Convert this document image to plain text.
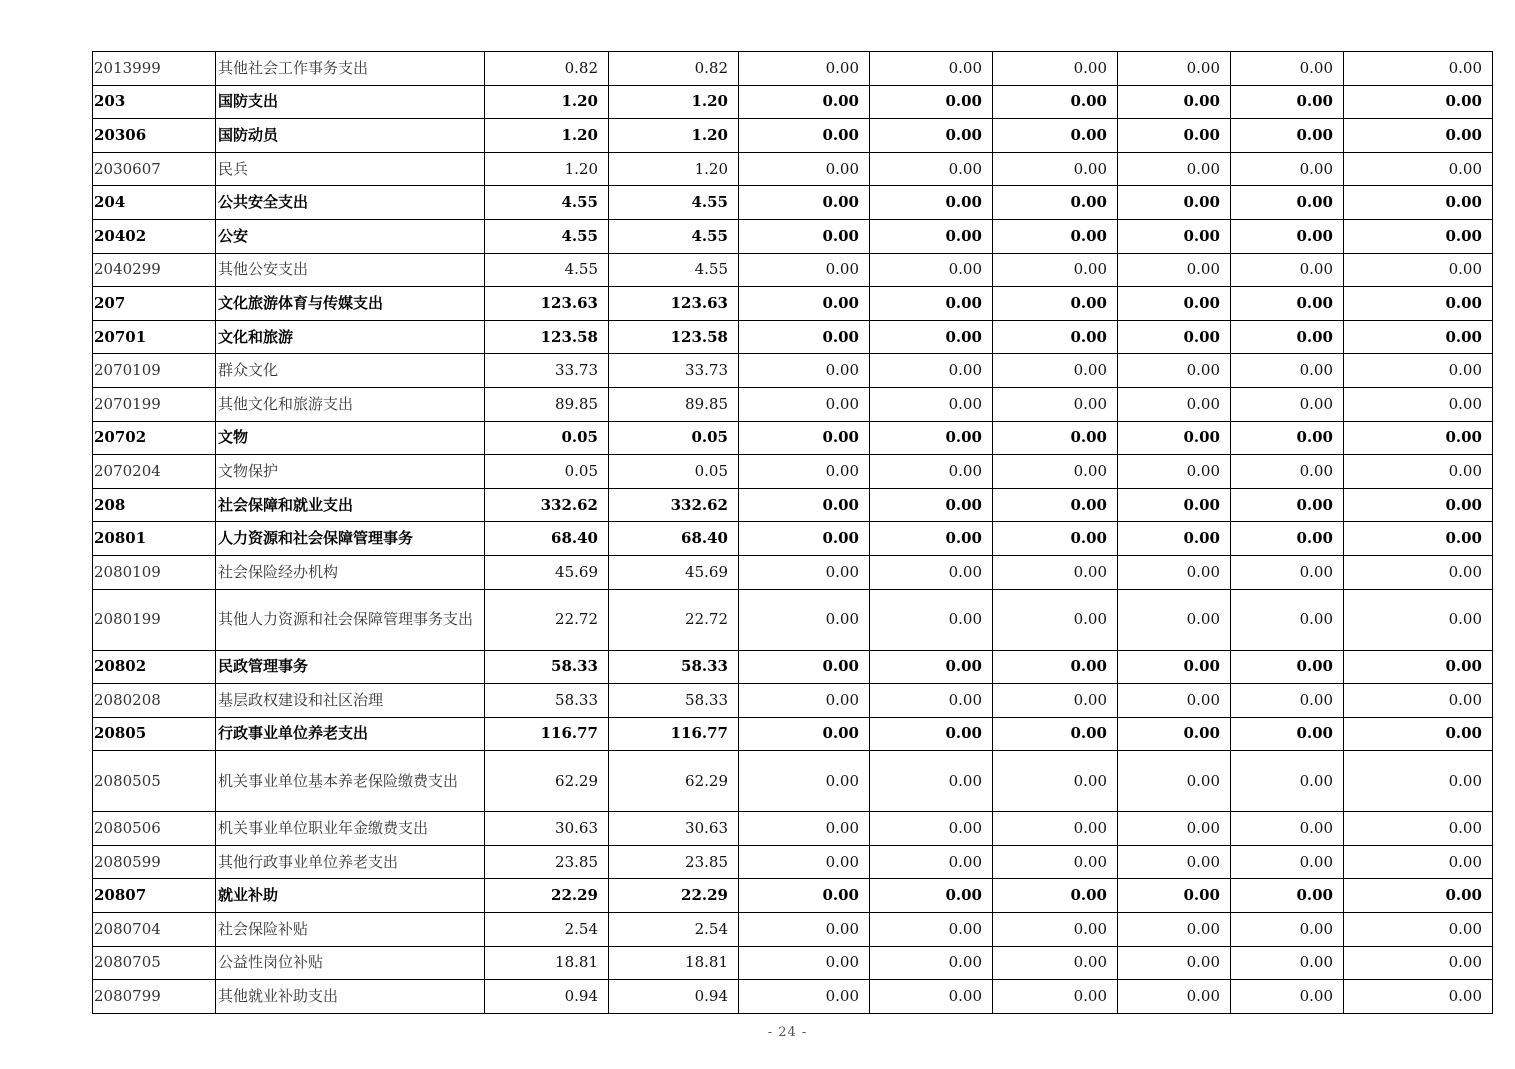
2013999	其他社会工作事务支出	0.82	0.82	0.00	0.00	0.00	0.00	0.00	0.00
203	国防支出	1.20	1.20	0.00	0.00	0.00	0.00	0.00	0.00
20306	国防动员	1.20	1.20	0.00	0.00	0.00	0.00	0.00	0.00
2030607	民兵	1.20	1.20	0.00	0.00	0.00	0.00	0.00	0.00
204	公共安全支出	4.55	4.55	0.00	0.00	0.00	0.00	0.00	0.00
20402	公安	4.55	4.55	0.00	0.00	0.00	0.00	0.00	0.00
2040299	其他公安支出	4.55	4.55	0.00	0.00	0.00	0.00	0.00	0.00
207	文化旅游体育与传媒支出	123.63	123.63	0.00	0.00	0.00	0.00	0.00	0.00
20701	文化和旅游	123.58	123.58	0.00	0.00	0.00	0.00	0.00	0.00
2070109	群众文化	33.73	33.73	0.00	0.00	0.00	0.00	0.00	0.00
2070199	其他文化和旅游支出	89.85	89.85	0.00	0.00	0.00	0.00	0.00	0.00
20702	文物	0.05	0.05	0.00	0.00	0.00	0.00	0.00	0.00
2070204	文物保护	0.05	0.05	0.00	0.00	0.00	0.00	0.00	0.00
208	社会保障和就业支出	332.62	332.62	0.00	0.00	0.00	0.00	0.00	0.00
20801	人力资源和社会保障管理事务	68.40	68.40	0.00	0.00	0.00	0.00	0.00	0.00
2080109	社会保险经办机构	45.69	45.69	0.00	0.00	0.00	0.00	0.00	0.00
2080199	其他人力资源和社会保障管理事务支出	22.72	22.72	0.00	0.00	0.00	0.00	0.00	0.00
20802	民政管理事务	58.33	58.33	0.00	0.00	0.00	0.00	0.00	0.00
2080208	基层政权建设和社区治理	58.33	58.33	0.00	0.00	0.00	0.00	0.00	0.00
20805	行政事业单位养老支出	116.77	116.77	0.00	0.00	0.00	0.00	0.00	0.00
2080505	机关事业单位基本养老保险缴费支出	62.29	62.29	0.00	0.00	0.00	0.00	0.00	0.00
2080506	机关事业单位职业年金缴费支出	30.63	30.63	0.00	0.00	0.00	0.00	0.00	0.00
2080599	其他行政事业单位养老支出	23.85	23.85	0.00	0.00	0.00	0.00	0.00	0.00
20807	就业补助	22.29	22.29	0.00	0.00	0.00	0.00	0.00	0.00
2080704	社会保险补贴	2.54	2.54	0.00	0.00	0.00	0.00	0.00	0.00
2080705	公益性岗位补贴	18.81	18.81	0.00	0.00	0.00	0.00	0.00	0.00
2080799	其他就业补助支出	0.94	0.94	0.00	0.00	0.00	0.00	0.00	0.00
- 24 -
